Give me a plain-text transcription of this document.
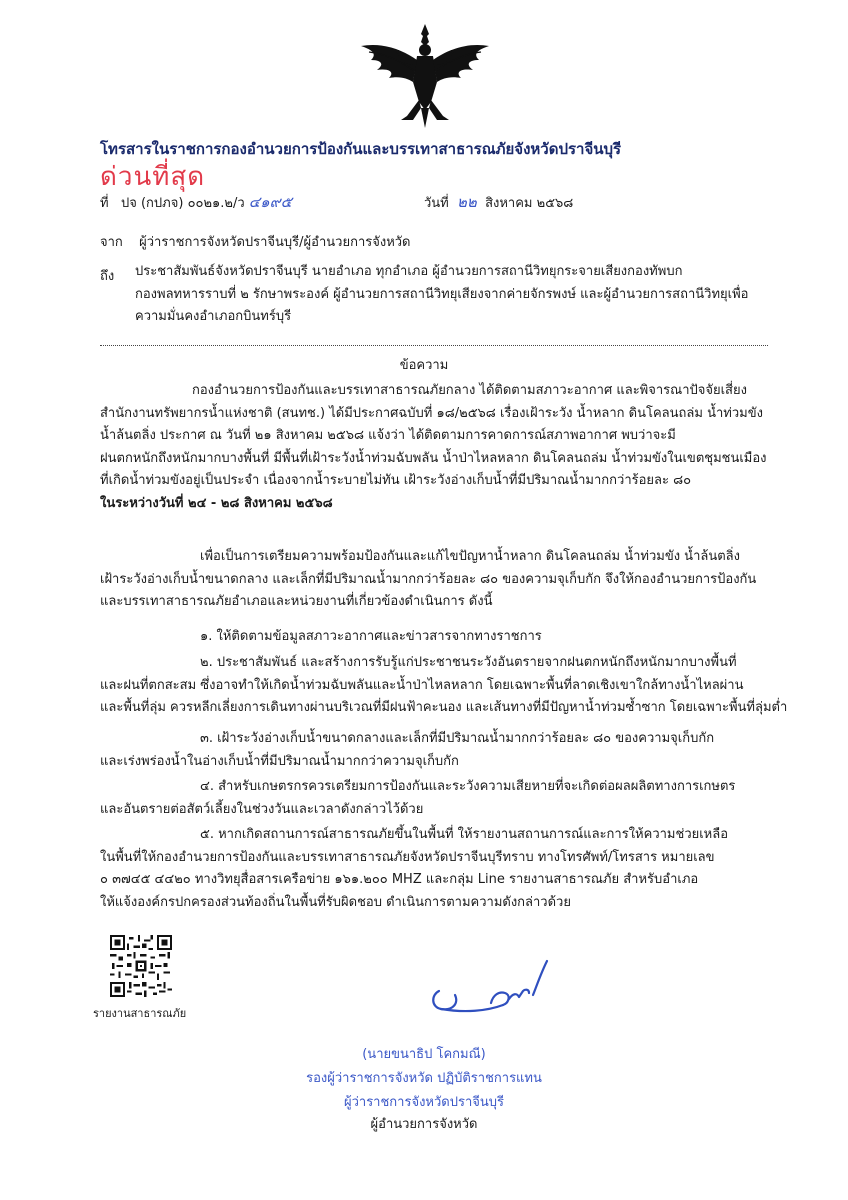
โทรสารในราชการกองอำนวยการป้องกันและบรรเทาสาธารณภัยจังหวัดปราจีนบุรี
ด่วนที่สุด
ที่ ปจ (กปภจ) ๐๐๒๑.๒/ว ๔๑๙๕	วันที่ ๒๒ สิงหาคม ๒๕๖๘
จาก ผู้ว่าราชการจังหวัดปราจีนบุรี/ผู้อำนวยการจังหวัด
ถึง ประชาสัมพันธ์จังหวัดปราจีนบุรี นายอำเภอ ทุกอำเภอ ผู้อำนวยการสถานีวิทยุกระจายเสียงกองทัพบก

กองพลทหารราบที่ ๒ รักษาพระองค์ ผู้อำนวยการสถานีวิทยุเสียงจากค่ายจักรพงษ์ และผู้อำนวยการสถานีวิทยุเพื่อ

ความมั่นคงอำเภอกบินทร์บุรี

ข้อความ

กองอำนวยการป้องกันและบรรเทาสาธารณภัยกลาง ได้ติดตามสภาวะอากาศ และพิจารณาปัจจัยเสี่ยง

สำนักงานทรัพยากรน้ำแห่งชาติ (สนทช.) ได้มีประกาศฉบับที่ ๑๘/๒๕๖๘ เรื่องเฝ้าระวัง น้ำหลาก ดินโคลนถล่ม น้ำท่วมขัง

น้ำล้นตลิ่ง ประกาศ ณ วันที่ ๒๑ สิงหาคม ๒๕๖๘ แจ้งว่า ได้ติดตามการคาดการณ์สภาพอากาศ พบว่าจะมี

ฝนตกหนักถึงหนักมากบางพื้นที่ มีพื้นที่เฝ้าระวังน้ำท่วมฉับพลัน น้ำป่าไหลหลาก ดินโคลนถล่ม น้ำท่วมขังในเขตชุมชนเมือง

ที่เกิดน้ำท่วมขังอยู่เป็นประจำ เนื่องจากน้ำระบายไม่ทัน เฝ้าระวังอ่างเก็บน้ำที่มีปริมาณน้ำมากกว่าร้อยละ ๘๐

ในระหว่างวันที่ ๒๔ - ๒๘ สิงหาคม ๒๕๖๘

เพื่อเป็นการเตรียมความพร้อมป้องกันและแก้ไขปัญหาน้ำหลาก ดินโคลนถล่ม น้ำท่วมขัง น้ำล้นตลิ่ง

เฝ้าระวังอ่างเก็บน้ำขนาดกลาง และเล็กที่มีปริมาณน้ำมากกว่าร้อยละ ๘๐ ของความจุเก็บกัก จึงให้กองอำนวยการป้องกัน

และบรรเทาสาธารณภัยอำเภอและหน่วยงานที่เกี่ยวข้องดำเนินการ ดังนี้

๑. ให้ติดตามข้อมูลสภาวะอากาศและข่าวสารจากทางราชการ

๒. ประชาสัมพันธ์ และสร้างการรับรู้แก่ประชาชนระวังอันตรายจากฝนตกหนักถึงหนักมากบางพื้นที่

และฝนที่ตกสะสม ซึ่งอาจทำให้เกิดน้ำท่วมฉับพลันและน้ำป่าไหลหลาก โดยเฉพาะพื้นที่ลาดเชิงเขาใกล้ทางน้ำไหลผ่าน

และพื้นที่ลุ่ม ควรหลีกเลี่ยงการเดินทางผ่านบริเวณที่มีฝนฟ้าคะนอง และเส้นทางที่มีปัญหาน้ำท่วมซ้ำซาก โดยเฉพาะพื้นที่ลุ่มต่ำ

๓. เฝ้าระวังอ่างเก็บน้ำขนาดกลางและเล็กที่มีปริมาณน้ำมากกว่าร้อยละ ๘๐ ของความจุเก็บกัก

และเร่งพร่องน้ำในอ่างเก็บน้ำที่มีปริมาณน้ำมากกว่าความจุเก็บกัก

๔. สำหรับเกษตรกรควรเตรียมการป้องกันและระวังความเสียหายที่จะเกิดต่อผลผลิตทางการเกษตร

และอันตรายต่อสัตว์เลี้ยงในช่วงวันและเวลาดังกล่าวไว้ด้วย

๕. หากเกิดสถานการณ์สาธารณภัยขึ้นในพื้นที่ ให้รายงานสถานการณ์และการให้ความช่วยเหลือ

ในพื้นที่ให้กองอำนวยการป้องกันและบรรเทาสาธารณภัยจังหวัดปราจีนบุรีทราบ ทางโทรศัพท์/โทรสาร หมายเลข

๐ ๓๗๔๕ ๔๔๒๐ ทางวิทยุสื่อสารเครือข่าย ๑๖๑.๒๐๐ MHZ และกลุ่ม Line รายงานสาธารณภัย สำหรับอำเภอ

ให้แจ้งองค์กรปกครองส่วนท้องถิ่นในพื้นที่รับผิดชอบ ดำเนินการตามความดังกล่าวด้วย

รายงานสาธารณภัย
(นายขนาธิป โคกมณี)
รองผู้ว่าราชการจังหวัด ปฏิบัติราชการแทน
ผู้ว่าราชการจังหวัดปราจีนบุรี
ผู้อำนวยการจังหวัด
